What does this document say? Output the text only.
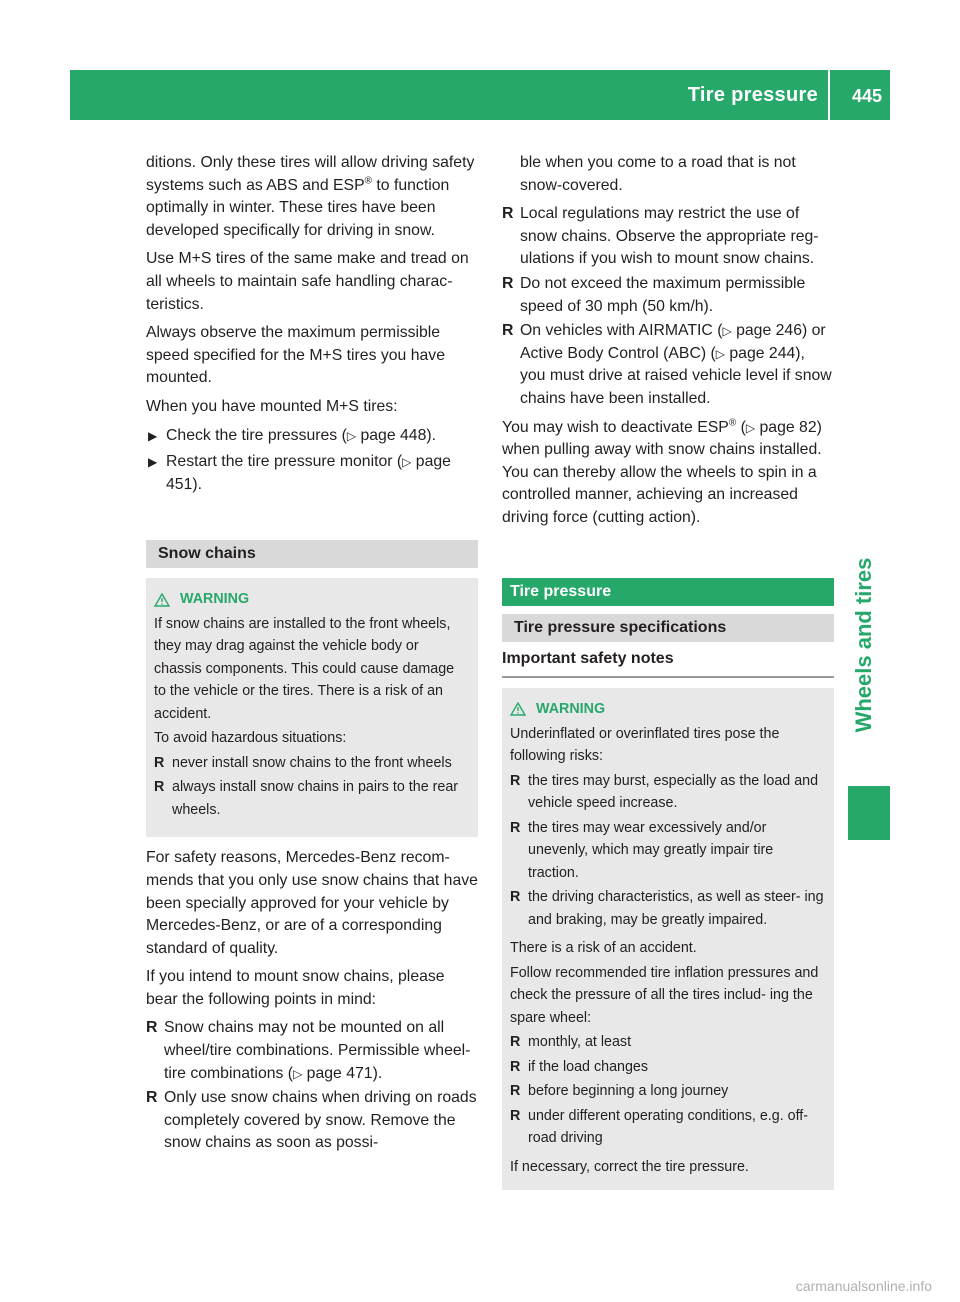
Tire pressure 445
Wheels and tires

ditions. Only these tires will allow driving safety systems such as ABS and ESP® to function optimally in winter. These tires have been developed specifically for driving in snow.

Use M+S tires of the same make and tread on all wheels to maintain safe handling charac- teristics.

Always observe the maximum permissible speed specified for the M+S tires you have mounted.

When you have mounted M+S tires:

▶ Check the tire pressures (▷ page 448).
▶ Restart the tire pressure monitor (▷ page 451).
Snow chains
WARNING

If snow chains are installed to the front wheels, they may drag against the vehicle body or chassis components. This could cause damage to the vehicle or the tires. There is a risk of an accident.

To avoid hazardous situations:

R never install snow chains to the front wheels
R always install snow chains in pairs to the rear wheels.

For safety reasons, Mercedes-Benz recom- mends that you only use snow chains that have been specially approved for your vehicle by Mercedes-Benz, or are of a corresponding standard of quality.

If you intend to mount snow chains, please bear the following points in mind:

R Snow chains may not be mounted on all wheel/tire combinations. Permissible wheel-tire combinations (▷ page 471).
R Only use snow chains when driving on roads completely covered by snow. Remove the snow chains as soon as possi-

ble when you come to a road that is not snow-covered.

R Local regulations may restrict the use of snow chains. Observe the appropriate reg- ulations if you wish to mount snow chains.
R Do not exceed the maximum permissible speed of 30 mph (50 km/h).
R On vehicles with AIRMATIC (▷ page 246) or Active Body Control (ABC) (▷ page 244), you must drive at raised vehicle level if snow chains have been installed.

You may wish to deactivate ESP® (▷ page 82) when pulling away with snow chains installed. You can thereby allow the wheels to spin in a controlled manner, achieving an increased driving force (cutting action).

Tire pressure
Tire pressure specifications
Important safety notes
WARNING

Underinflated or overinflated tires pose the following risks:

R the tires may burst, especially as the load and vehicle speed increase.
R the tires may wear excessively and/or unevenly, which may greatly impair tire traction.
R the driving characteristics, as well as steer- ing and braking, may be greatly impaired.

There is a risk of an accident.

Follow recommended tire inflation pressures and check the pressure of all the tires includ- ing the spare wheel:

R monthly, at least
R if the load changes
R before beginning a long journey
R under different operating conditions, e.g. off-road driving

If necessary, correct the tire pressure.

carmanualsonline.info
